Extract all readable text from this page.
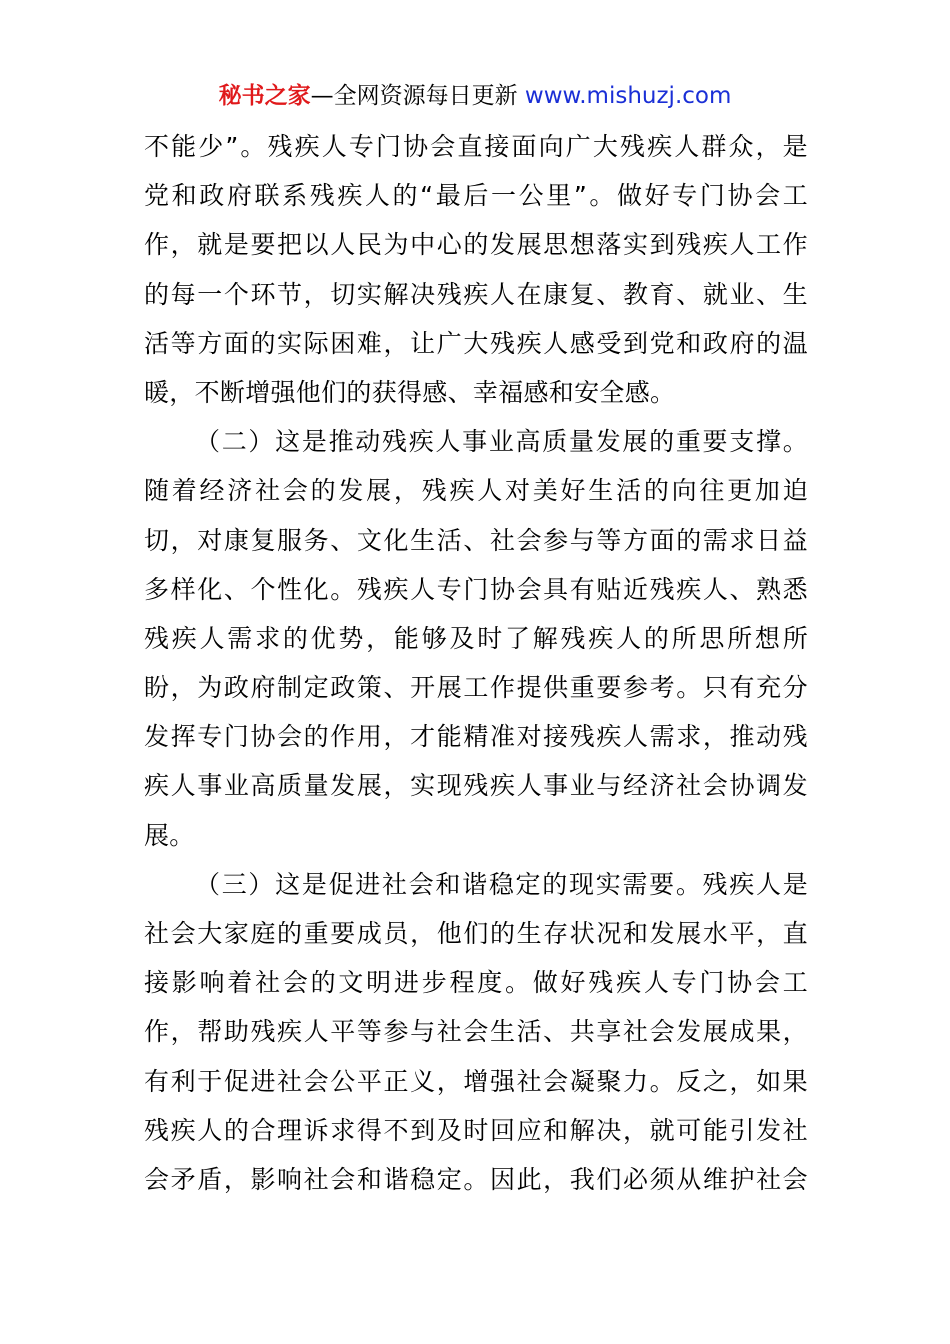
秘书之家—全网资源每日更新 www.mishuzj.com
不能少”。残疾人专门协会直接面向广大残疾人群众，是
党和政府联系残疾人的“最后一公里”。做好专门协会工
作，就是要把以人民为中心的发展思想落实到残疾人工作
的每一个环节，切实解决残疾人在康复、教育、就业、生
活等方面的实际困难，让广大残疾人感受到党和政府的温
暖，不断增强他们的获得感、幸福感和安全感。
（二）这是推动残疾人事业高质量发展的重要支撑。
随着经济社会的发展，残疾人对美好生活的向往更加迫
切，对康复服务、文化生活、社会参与等方面的需求日益
多样化、个性化。残疾人专门协会具有贴近残疾人、熟悉
残疾人需求的优势，能够及时了解残疾人的所思所想所
盼，为政府制定政策、开展工作提供重要参考。只有充分
发挥专门协会的作用，才能精准对接残疾人需求，推动残
疾人事业高质量发展，实现残疾人事业与经济社会协调发
展。
（三）这是促进社会和谐稳定的现实需要。残疾人是
社会大家庭的重要成员，他们的生存状况和发展水平，直
接影响着社会的文明进步程度。做好残疾人专门协会工
作，帮助残疾人平等参与社会生活、共享社会发展成果，
有利于促进社会公平正义，增强社会凝聚力。反之，如果
残疾人的合理诉求得不到及时回应和解决，就可能引发社
会矛盾，影响社会和谐稳定。因此，我们必须从维护社会
